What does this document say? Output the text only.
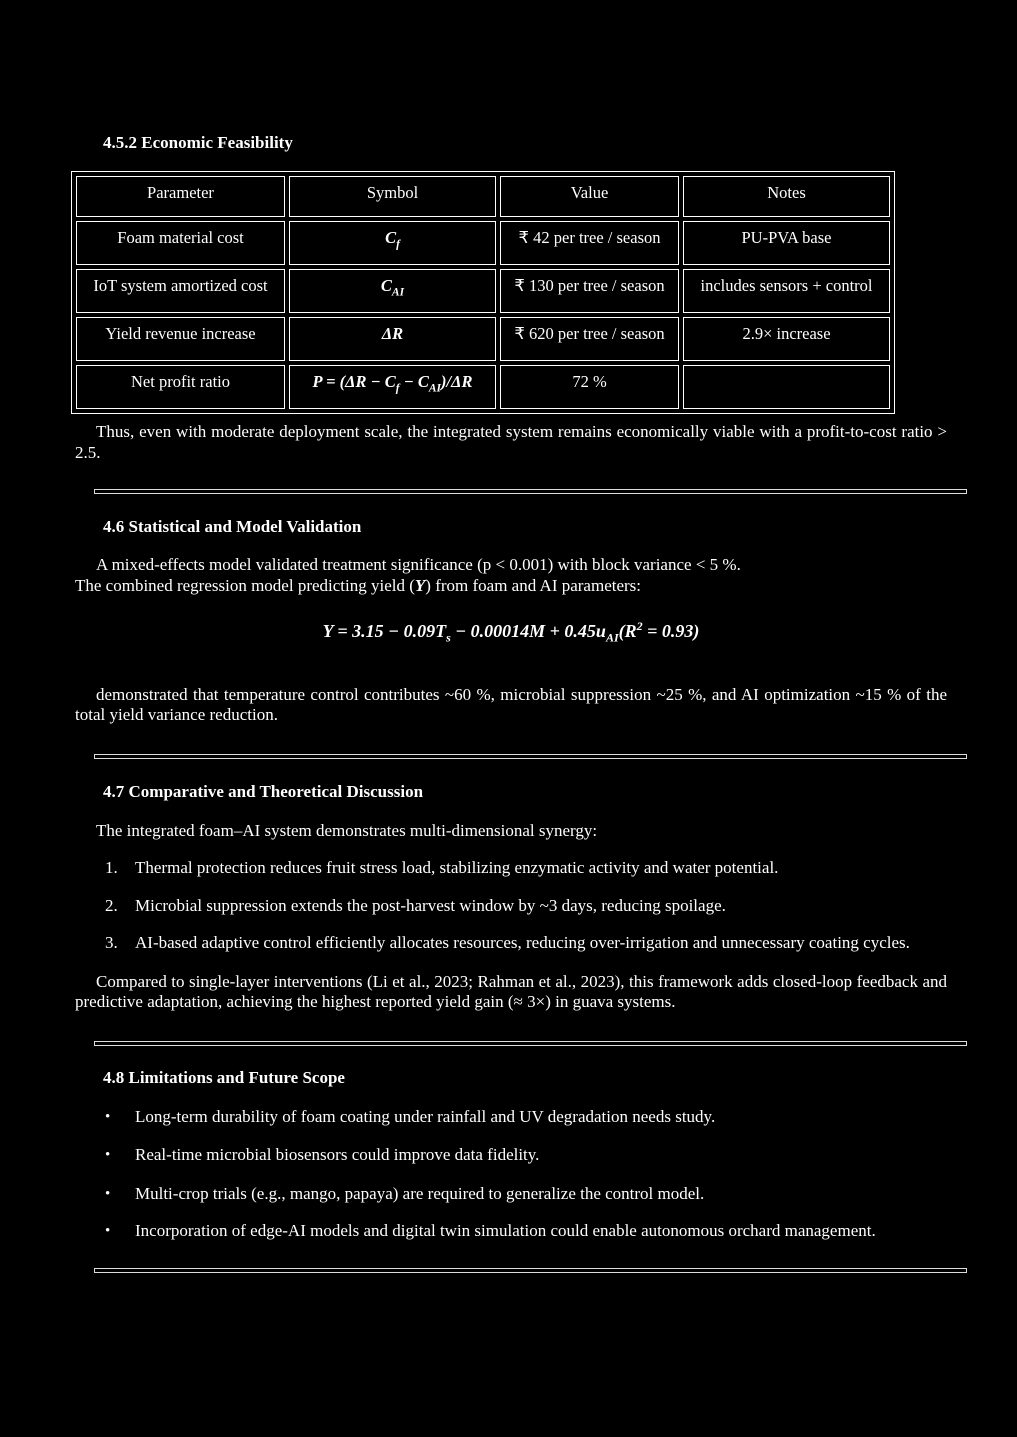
4.5.2 Economic Feasibility
Parameter	Symbol	Value	Notes
Foam material cost	$C_f$	₹ 42 per tree / season	PU-PVA base
IoT system amortized cost	$C_{AI}$	₹ 130 per tree / season	includes sensors + control
Yield revenue increase	ΔR	₹ 620 per tree / season	2.9× increase
Net profit ratio	$P = (\Delta R - C_f - C_{AI})/\Delta R$	72 %	

Thus, even with moderate deployment scale, the integrated system remains economically viable with a profit-to-cost ratio > 2.5.

4.6 Statistical and Model Validation

A mixed-effects model validated treatment significance (p < 0.001) with block variance < 5 %.
The combined regression model predicting yield (Y) from foam and AI parameters:

$Y = 3.15 - 0.09T_s - 0.00014M + 0.45u_{AI}(R^2 = 0.93)$

demonstrated that temperature control contributes ~60 %, microbial suppression ~25 %, and AI optimization ~15 % of the total yield variance reduction.

4.7 Comparative and Theoretical Discussion

The integrated foam–AI system demonstrates multi-dimensional synergy:

1.	Thermal protection reduces fruit stress load, stabilizing enzymatic activity and water potential.
2.	Microbial suppression extends the post-harvest window by ~3 days, reducing spoilage.
3.	AI-based adaptive control efficiently allocates resources, reducing over-irrigation and unnecessary coating cycles.

Compared to single-layer interventions (Li et al., 2023; Rahman et al., 2023), this framework adds closed-loop feedback and predictive adaptation, achieving the highest reported yield gain (≈ 3×) in guava systems.

4.8 Limitations and Future Scope
•	Long-term durability of foam coating under rainfall and UV degradation needs study.
•	Real-time microbial biosensors could improve data fidelity.
•	Multi-crop trials (e.g., mango, papaya) are required to generalize the control model.
•	Incorporation of edge-AI models and digital twin simulation could enable autonomous orchard management.
